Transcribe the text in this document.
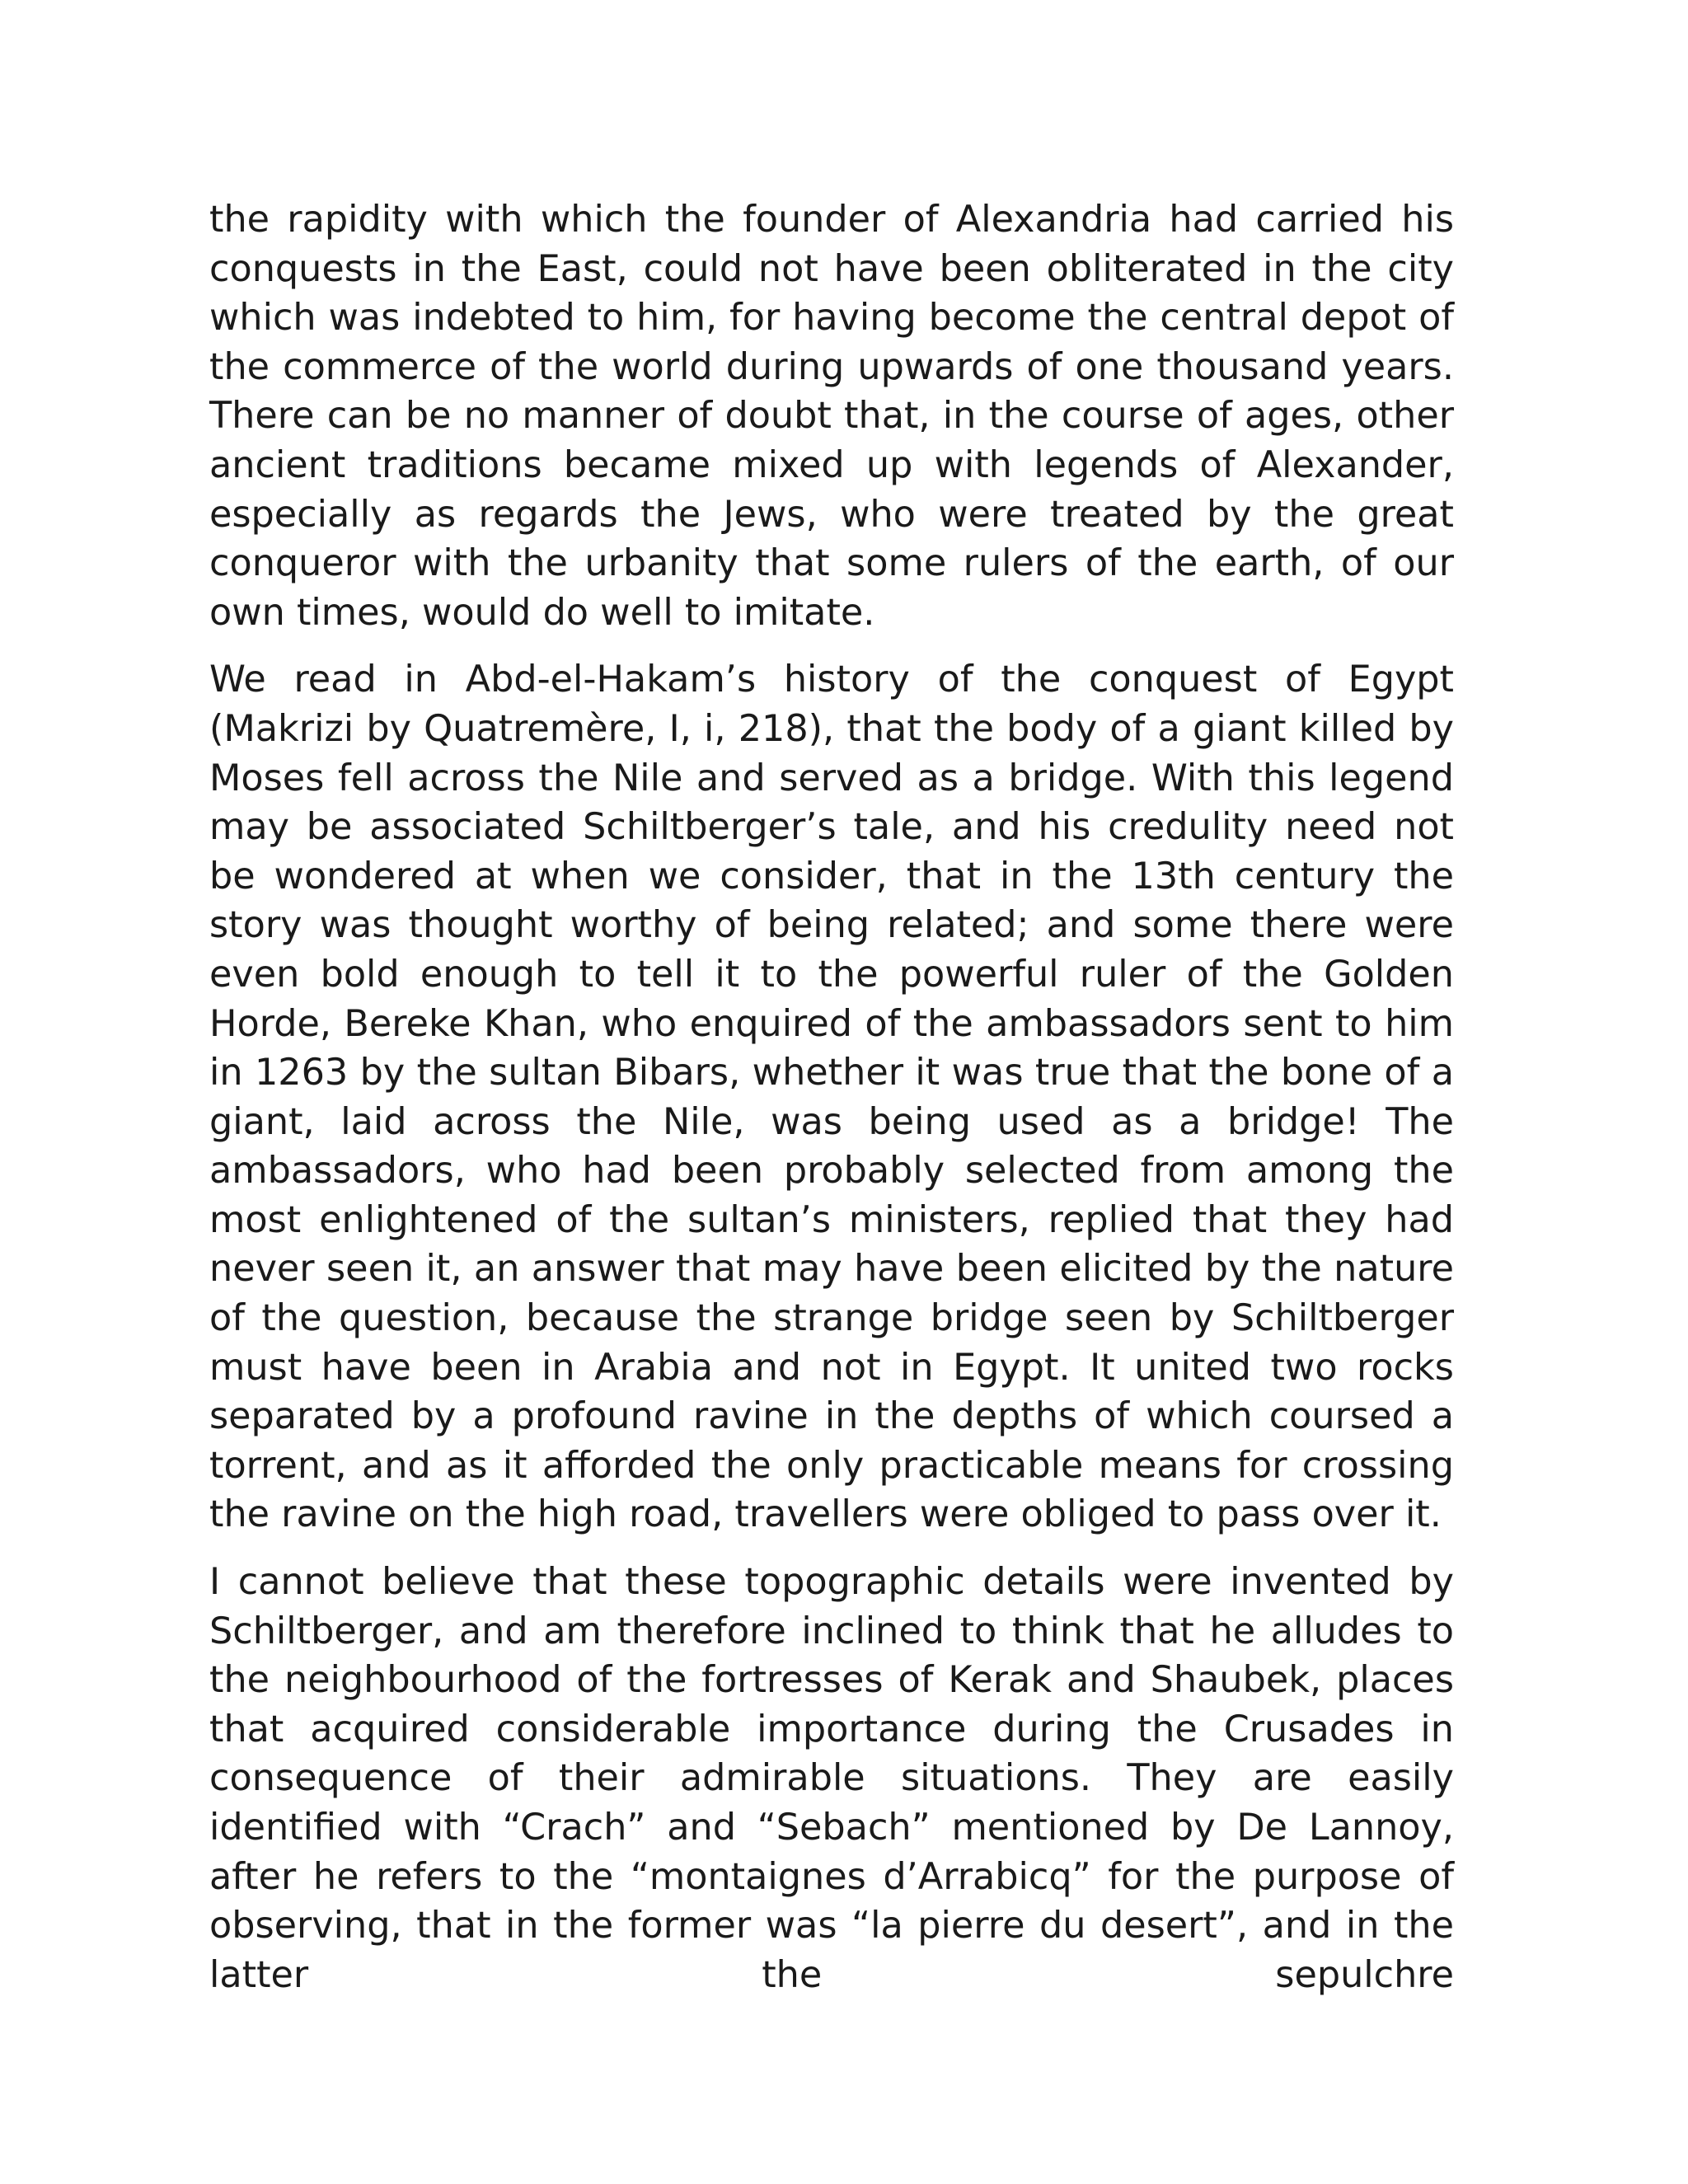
the rapidity with which the founder of Alexandria had carried his conquests in the East, could not have been obliterated in the city which was indebted to him, for having become the central depot of the commerce of the world during upwards of one thousand years. There can be no manner of doubt that, in the course of ages, other ancient traditions became mixed up with legends of Alexander, especially as regards the Jews, who were treated by the great conqueror with the urbanity that some rulers of the earth, of our own times, would do well to imitate.

We read in Abd-el-Hakam’s history of the conquest of Egypt (Makrizi by Quatremère, I, i, 218), that the body of a giant killed by Moses fell across the Nile and served as a bridge. With this legend may be associated Schiltberger’s tale, and his credulity need not be wondered at when we consider, that in the 13th century the story was thought worthy of being related; and some there were even bold enough to tell it to the powerful ruler of the Golden Horde, Bereke Khan, who enquired of the ambassadors sent to him in 1263 by the sultan Bibars, whether it was true that the bone of a giant, laid across the Nile, was being used as a bridge! The ambassadors, who had been probably selected from among the most enlightened of the sultan’s ministers, replied that they had never seen it, an answer that may have been elicited by the nature of the question, because the strange bridge seen by Schiltberger must have been in Arabia and not in Egypt. It united two rocks separated by a profound ravine in the depths of which coursed a torrent, and as it afforded the only practicable means for crossing the ravine on the high road, travellers were obliged to pass over it.

I cannot believe that these topographic details were invented by Schiltberger, and am therefore inclined to think that he alludes to the neighbourhood of the fortresses of Kerak and Shaubek, places that acquired considerable importance during the Crusades in consequence of their admirable situations. They are easily identified with “Crach” and “Sebach” mentioned by De Lannoy, after he refers to the “montaignes d’Arrabicq” for the purpose of observing, that in the former was “la pierre du desert”, and in the latter the sepulchre
